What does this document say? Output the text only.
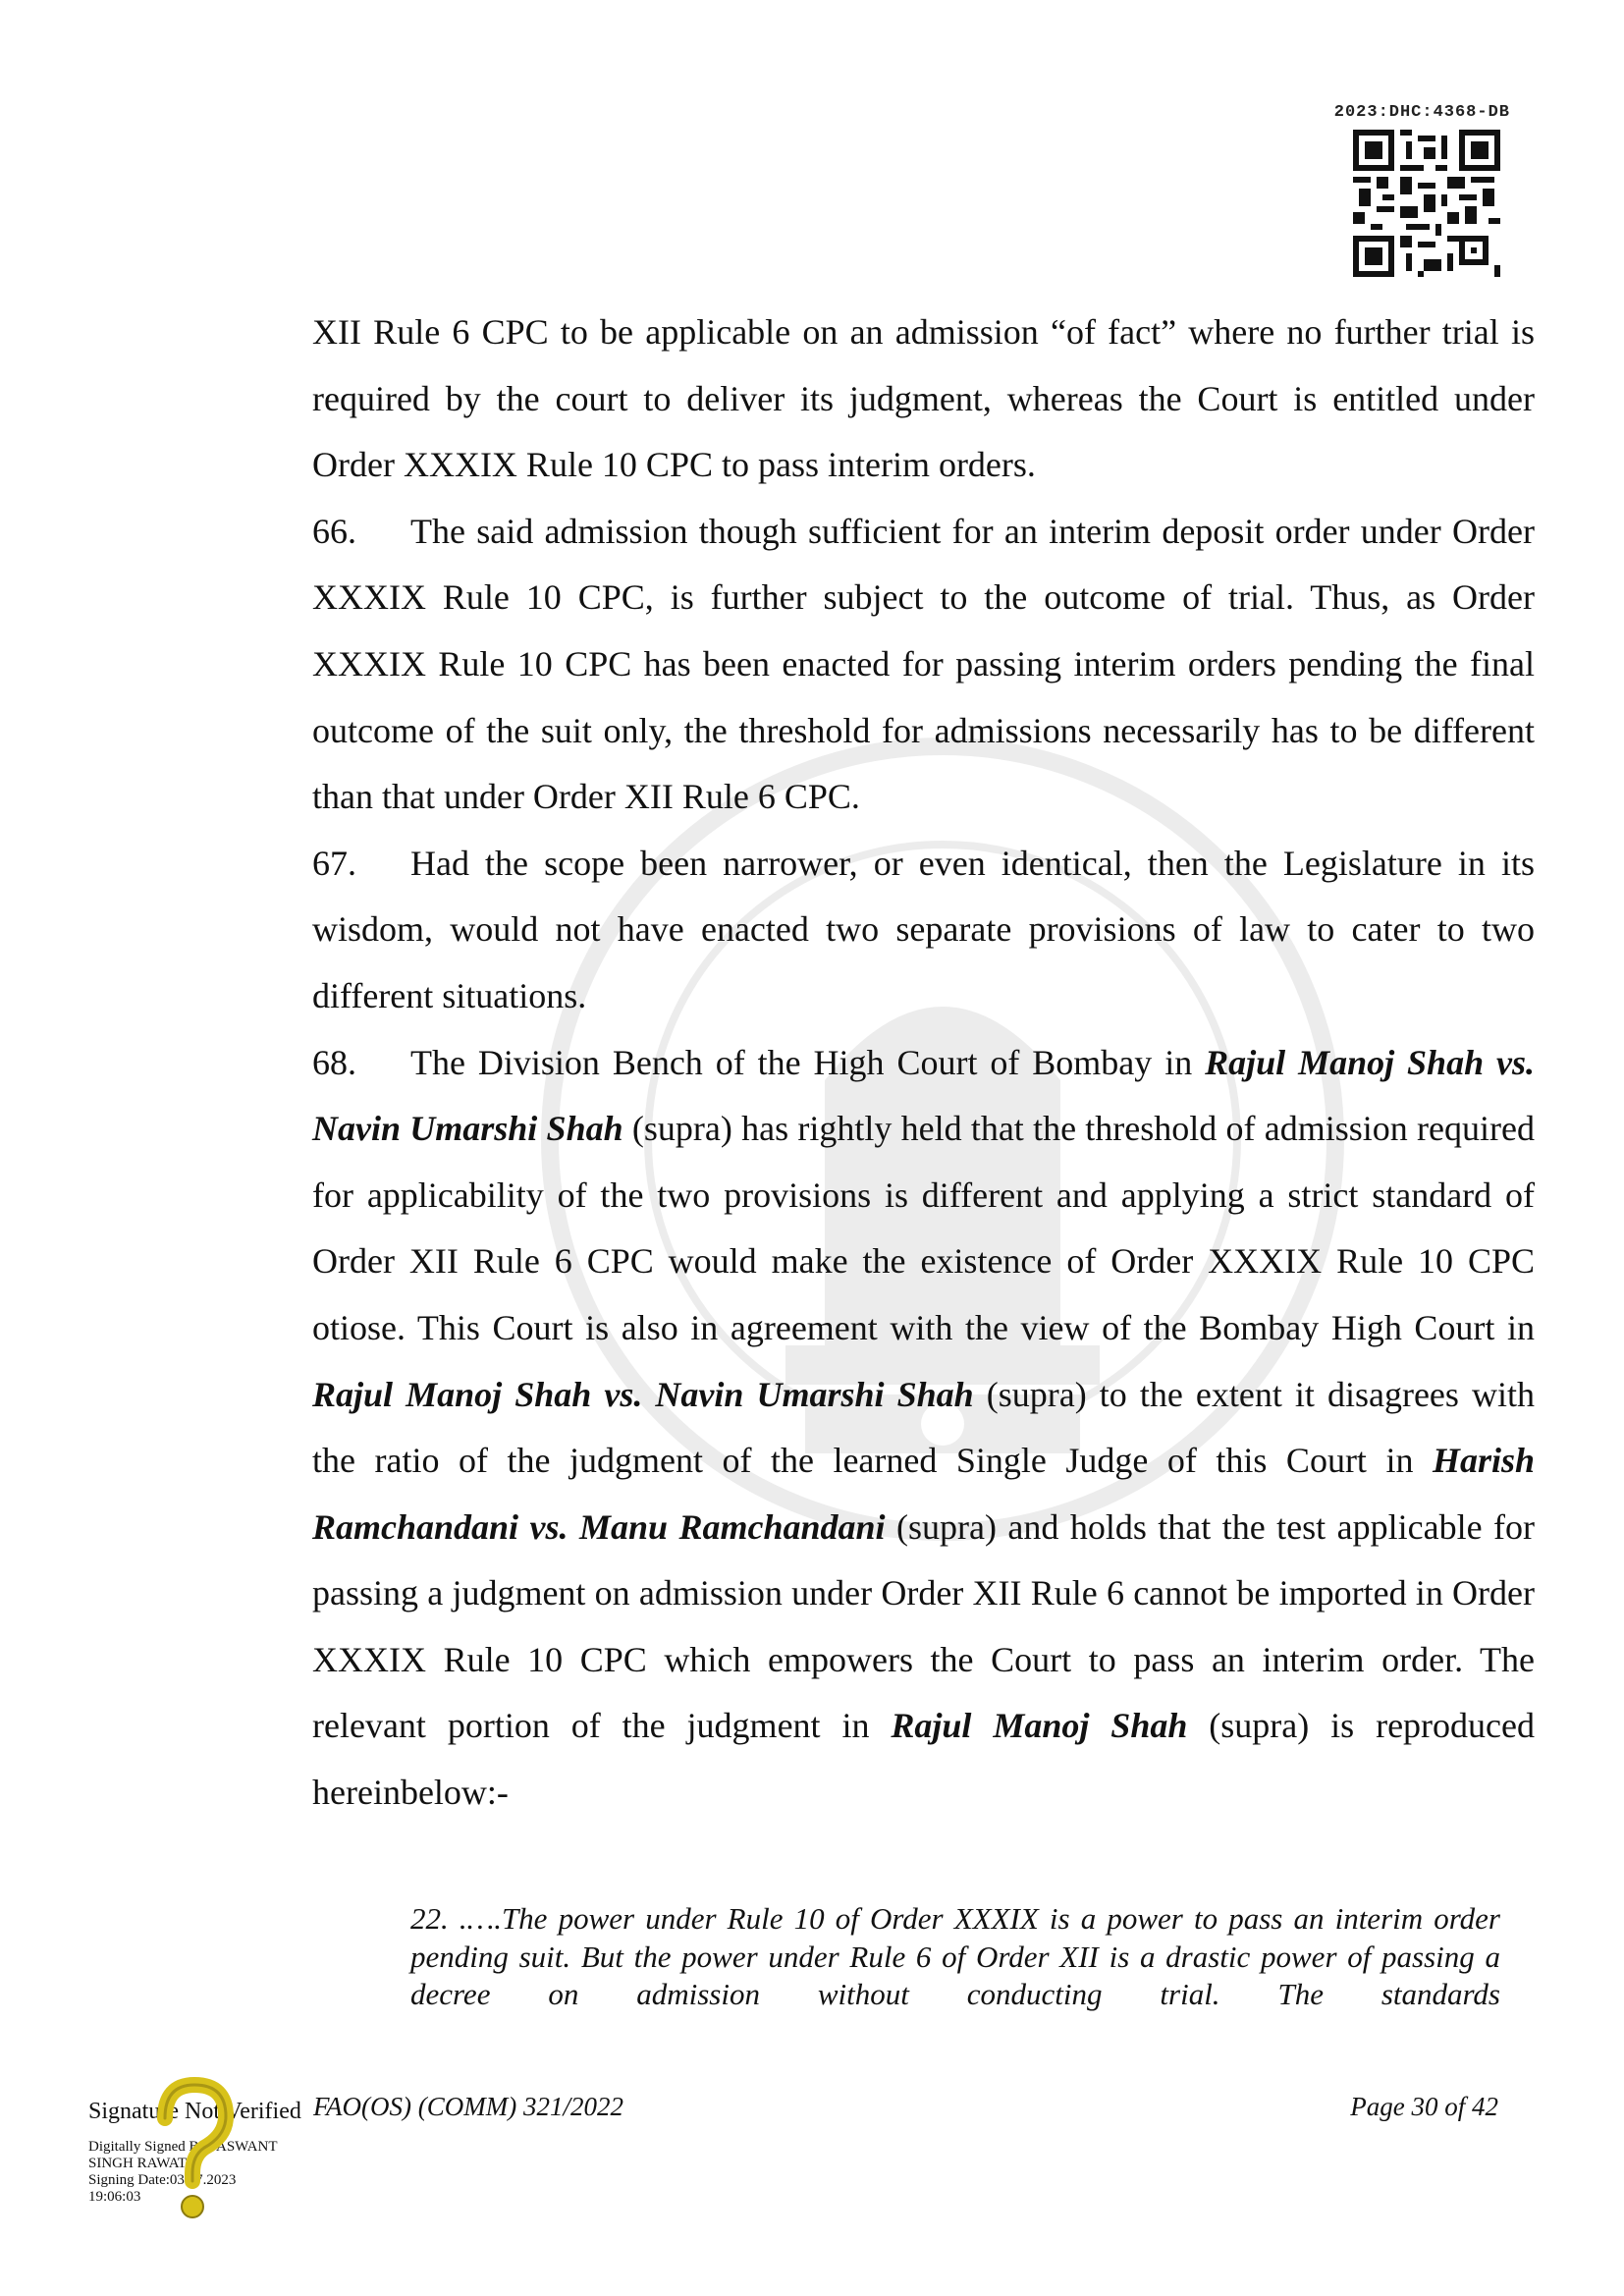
2023:DHC:4368-DB

XII Rule 6 CPC to be applicable on an admission “of fact” where no further trial is required by the court to deliver its judgment, whereas the Court is entitled under Order XXXIX Rule 10 CPC to pass interim orders.

66. The said admission though sufficient for an interim deposit order under Order XXXIX Rule 10 CPC, is further subject to the outcome of trial. Thus, as Order XXXIX Rule 10 CPC has been enacted for passing interim orders pending the final outcome of the suit only, the threshold for admissions necessarily has to be different than that under Order XII Rule 6 CPC.

67. Had the scope been narrower, or even identical, then the Legislature in its wisdom, would not have enacted two separate provisions of law to cater to two different situations.

68. The Division Bench of the High Court of Bombay in Rajul Manoj Shah vs. Navin Umarshi Shah (supra) has rightly held that the threshold of admission required for applicability of the two provisions is different and applying a strict standard of Order XII Rule 6 CPC would make the existence of Order XXXIX Rule 10 CPC otiose. This Court is also in agreement with the view of the Bombay High Court in Rajul Manoj Shah vs. Navin Umarshi Shah (supra) to the extent it disagrees with the ratio of the judgment of the learned Single Judge of this Court in Harish Ramchandani vs. Manu Ramchandani (supra) and holds that the test applicable for passing a judgment on admission under Order XII Rule 6 cannot be imported in Order XXXIX Rule 10 CPC which empowers the Court to pass an interim order. The relevant portion of the judgment in Rajul Manoj Shah (supra) is reproduced hereinbelow:-

22. .….The power under Rule 10 of Order XXXIX is a power to pass an interim order pending suit. But the power under Rule 6 of Order XII is a drastic power of passing a decree on admission without conducting trial. The standards
Signature Not Verified FAO(OS) (COMM) 321/2022	Page 30 of 42
Digitally Signed By:JASWANT
SINGH RAWAT
Signing Date:03.07.2023
19:06:03
